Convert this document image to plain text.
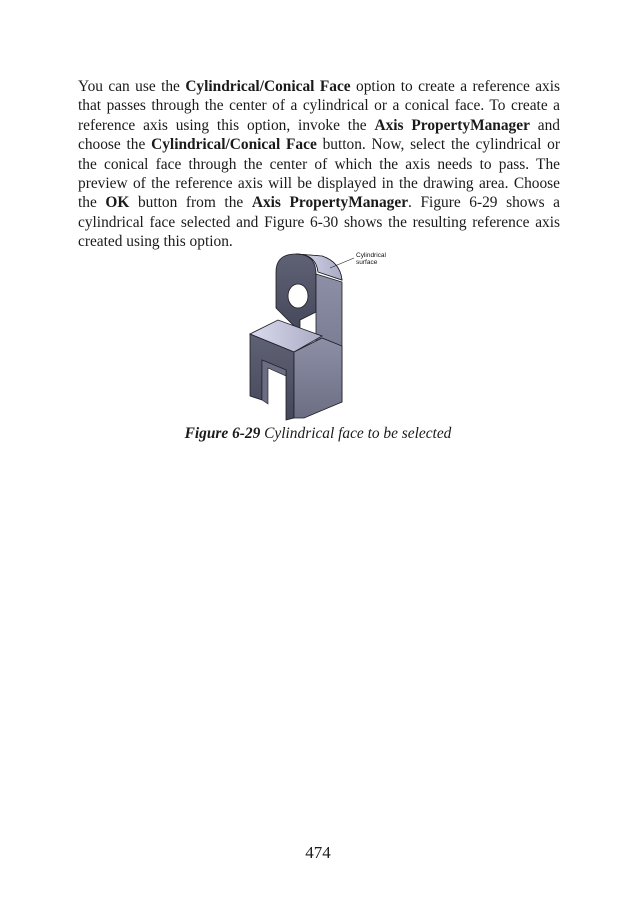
You can use the Cylindrical/Conical Face option to create a reference axis that passes through the center of a cylindrical or a conical face. To create a reference axis using this option, invoke the Axis PropertyManager and choose the Cylindrical/Conical Face button. Now, select the cylindrical or the conical face through the center of which the axis needs to pass. The preview of the reference axis will be displayed in the drawing area. Choose the OK button from the Axis PropertyManager. Figure 6-29 shows a cylindrical face selected and Figure 6-30 shows the resulting reference axis created using this option.

Cylindrical
surface
Figure 6-29 Cylindrical face to be selected
474
